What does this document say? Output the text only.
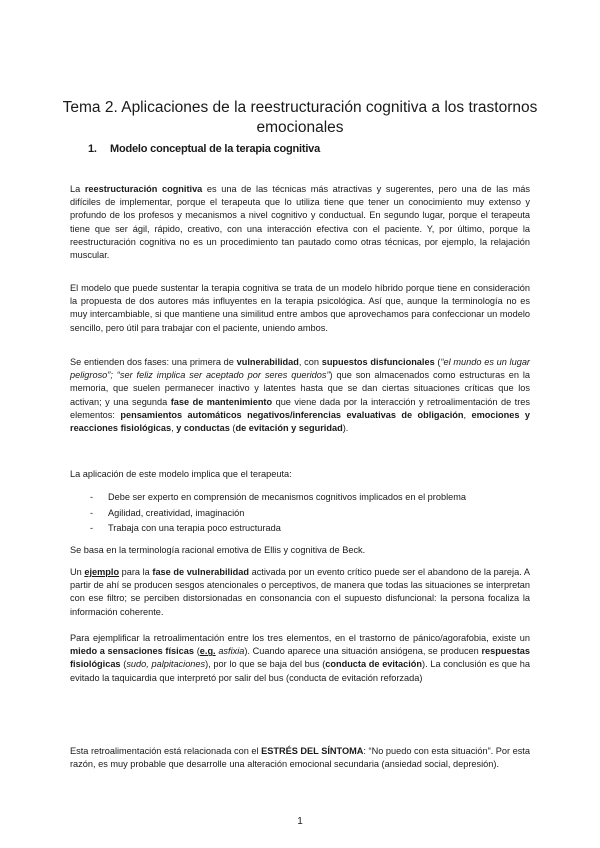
Tema 2. Aplicaciones de la reestructuración cognitiva a los trastornos emocionales
1. Modelo conceptual de la terapia cognitiva
La reestructuración cognitiva es una de las técnicas más atractivas y sugerentes, pero una de las más difíciles de implementar, porque el terapeuta que lo utiliza tiene que tener un conocimiento muy extenso y profundo de los profesos y mecanismos a nivel cognitivo y conductual. En segundo lugar, porque el terapeuta tiene que ser ágil, rápido, creativo, con una interacción efectiva con el paciente. Y, por último, porque la reestructuración cognitiva no es un procedimiento tan pautado como otras técnicas, por ejemplo, la relajación muscular.
El modelo que puede sustentar la terapia cognitiva se trata de un modelo híbrido porque tiene en consideración la propuesta de dos autores más influyentes en la terapia psicológica. Así que, aunque la terminología no es muy intercambiable, si que mantiene una similitud entre ambos que aprovechamos para confeccionar un modelo sencillo, pero útil para trabajar con el paciente, uniendo ambos.
Se entienden dos fases: una primera de vulnerabilidad, con supuestos disfuncionales (“el mundo es un lugar peligroso”; “ser feliz implica ser aceptado por seres queridos”) que son almacenados como estructuras en la memoria, que suelen permanecer inactivo y latentes hasta que se dan ciertas situaciones críticas que los activan; y una segunda fase de mantenimiento que viene dada por la interacción y retroalimentación de tres elementos: pensamientos automáticos negativos/inferencias evaluativas de obligación, emociones y reacciones fisiológicas, y conductas (de evitación y seguridad).
La aplicación de este modelo implica que el terapeuta:
- Debe ser experto en comprensión de mecanismos cognitivos implicados en el problema
- Agilidad, creatividad, imaginación
- Trabaja con una terapia poco estructurada
Se basa en la terminología racional emotiva de Ellis y cognitiva de Beck.
Un ejemplo para la fase de vulnerabilidad activada por un evento crítico puede ser el abandono de la pareja. A partir de ahí se producen sesgos atencionales o perceptivos, de manera que todas las situaciones se interpretan con ese filtro; se perciben distorsionadas en consonancia con el supuesto disfuncional: la persona focaliza la información coherente.
Para ejemplificar la retroalimentación entre los tres elementos, en el trastorno de pánico/agorafobia, existe un miedo a sensaciones físicas (e.g. asfixia). Cuando aparece una situación ansiógena, se producen respuestas fisiológicas (sudo, palpitaciones), por lo que se baja del bus (conducta de evitación). La conclusión es que ha evitado la taquicardia que interpretó por salir del bus (conducta de evitación reforzada)
Esta retroalimentación está relacionada con el ESTRÉS DEL SÍNTOMA: “No puedo con esta situación”. Por esta razón, es muy probable que desarrolle una alteración emocional secundaria (ansiedad social, depresión).
1
